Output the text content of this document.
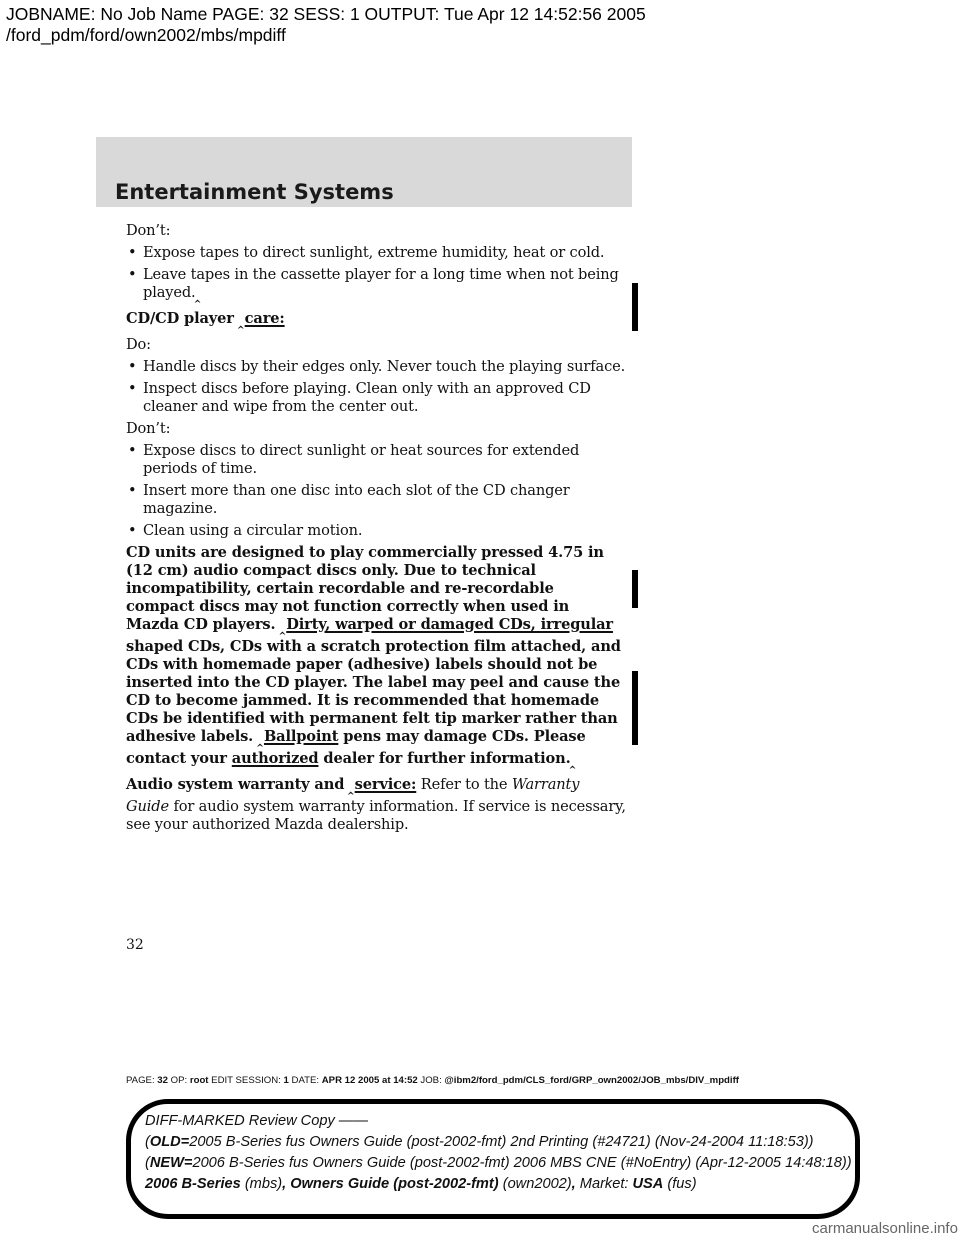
JOBNAME: No Job Name PAGE: 32 SESS: 1 OUTPUT: Tue Apr 12 14:52:56 2005
/ford_pdm/ford/own2002/mbs/mpdiff
Entertainment Systems

Don’t:

• Expose tapes to direct sunlight, extreme humidity, heat or cold.
• Leave tapes in the cassette player for a long time when not being $played._‸$

CD/CD player $_‸$care:

Do:

• Handle discs by their edges only. Never touch the playing surface.
• Inspect discs before playing. Clean only with an approved CD cleaner and wipe from the center out.

Don’t:

• Expose discs to direct sunlight or heat sources for extended periods of time.
• Insert more than one disc into each slot of the CD changer magazine.
• Clean using a circular motion.

CD units are designed to play commercially pressed 4.75 in (12 cm) audio compact discs only. Due to technical incompatibility, certain recordable and re-recordable compact discs may not function correctly when used in Mazda CD players. $_‸$Dirty, warped or damaged CDs, irregular shaped CDs, CDs with a scratch protection film attached, and CDs with homemade paper (adhesive) labels should not be inserted into the CD player. The label may peel and cause the CD to become jammed. It is recommended that homemade CDs be identified with permanent felt tip marker rather than adhesive labels. $_‸$Ballpoint pens may damage CDs. Please contact your authorized dealer for further $information._‸$

Audio system warranty and $_‸$service: Refer to the Warranty Guide for audio system warranty information. If service is necessary, see your authorized Mazda dealership.

32
PAGE: 32 OP: root EDIT SESSION: 1 DATE: APR 12 2005 at 14:52 JOB: @ibm2/ford_pdm/CLS_ford/GRP_own2002/JOB_mbs/DIV_mpdiff
DIFF-MARKED Review Copy ——
(OLD=2005 B-Series fus Owners Guide (post-2002-fmt) 2nd Printing (#24721) (Nov-24-2004 11:18:53))
(NEW=2006 B-Series fus Owners Guide (post-2002-fmt) 2006 MBS CNE (#NoEntry) (Apr-12-2005 14:48:18))
2006 B-Series (mbs), Owners Guide (post-2002-fmt) (own2002), Market: USA (fus)
carmanualsonline.info
